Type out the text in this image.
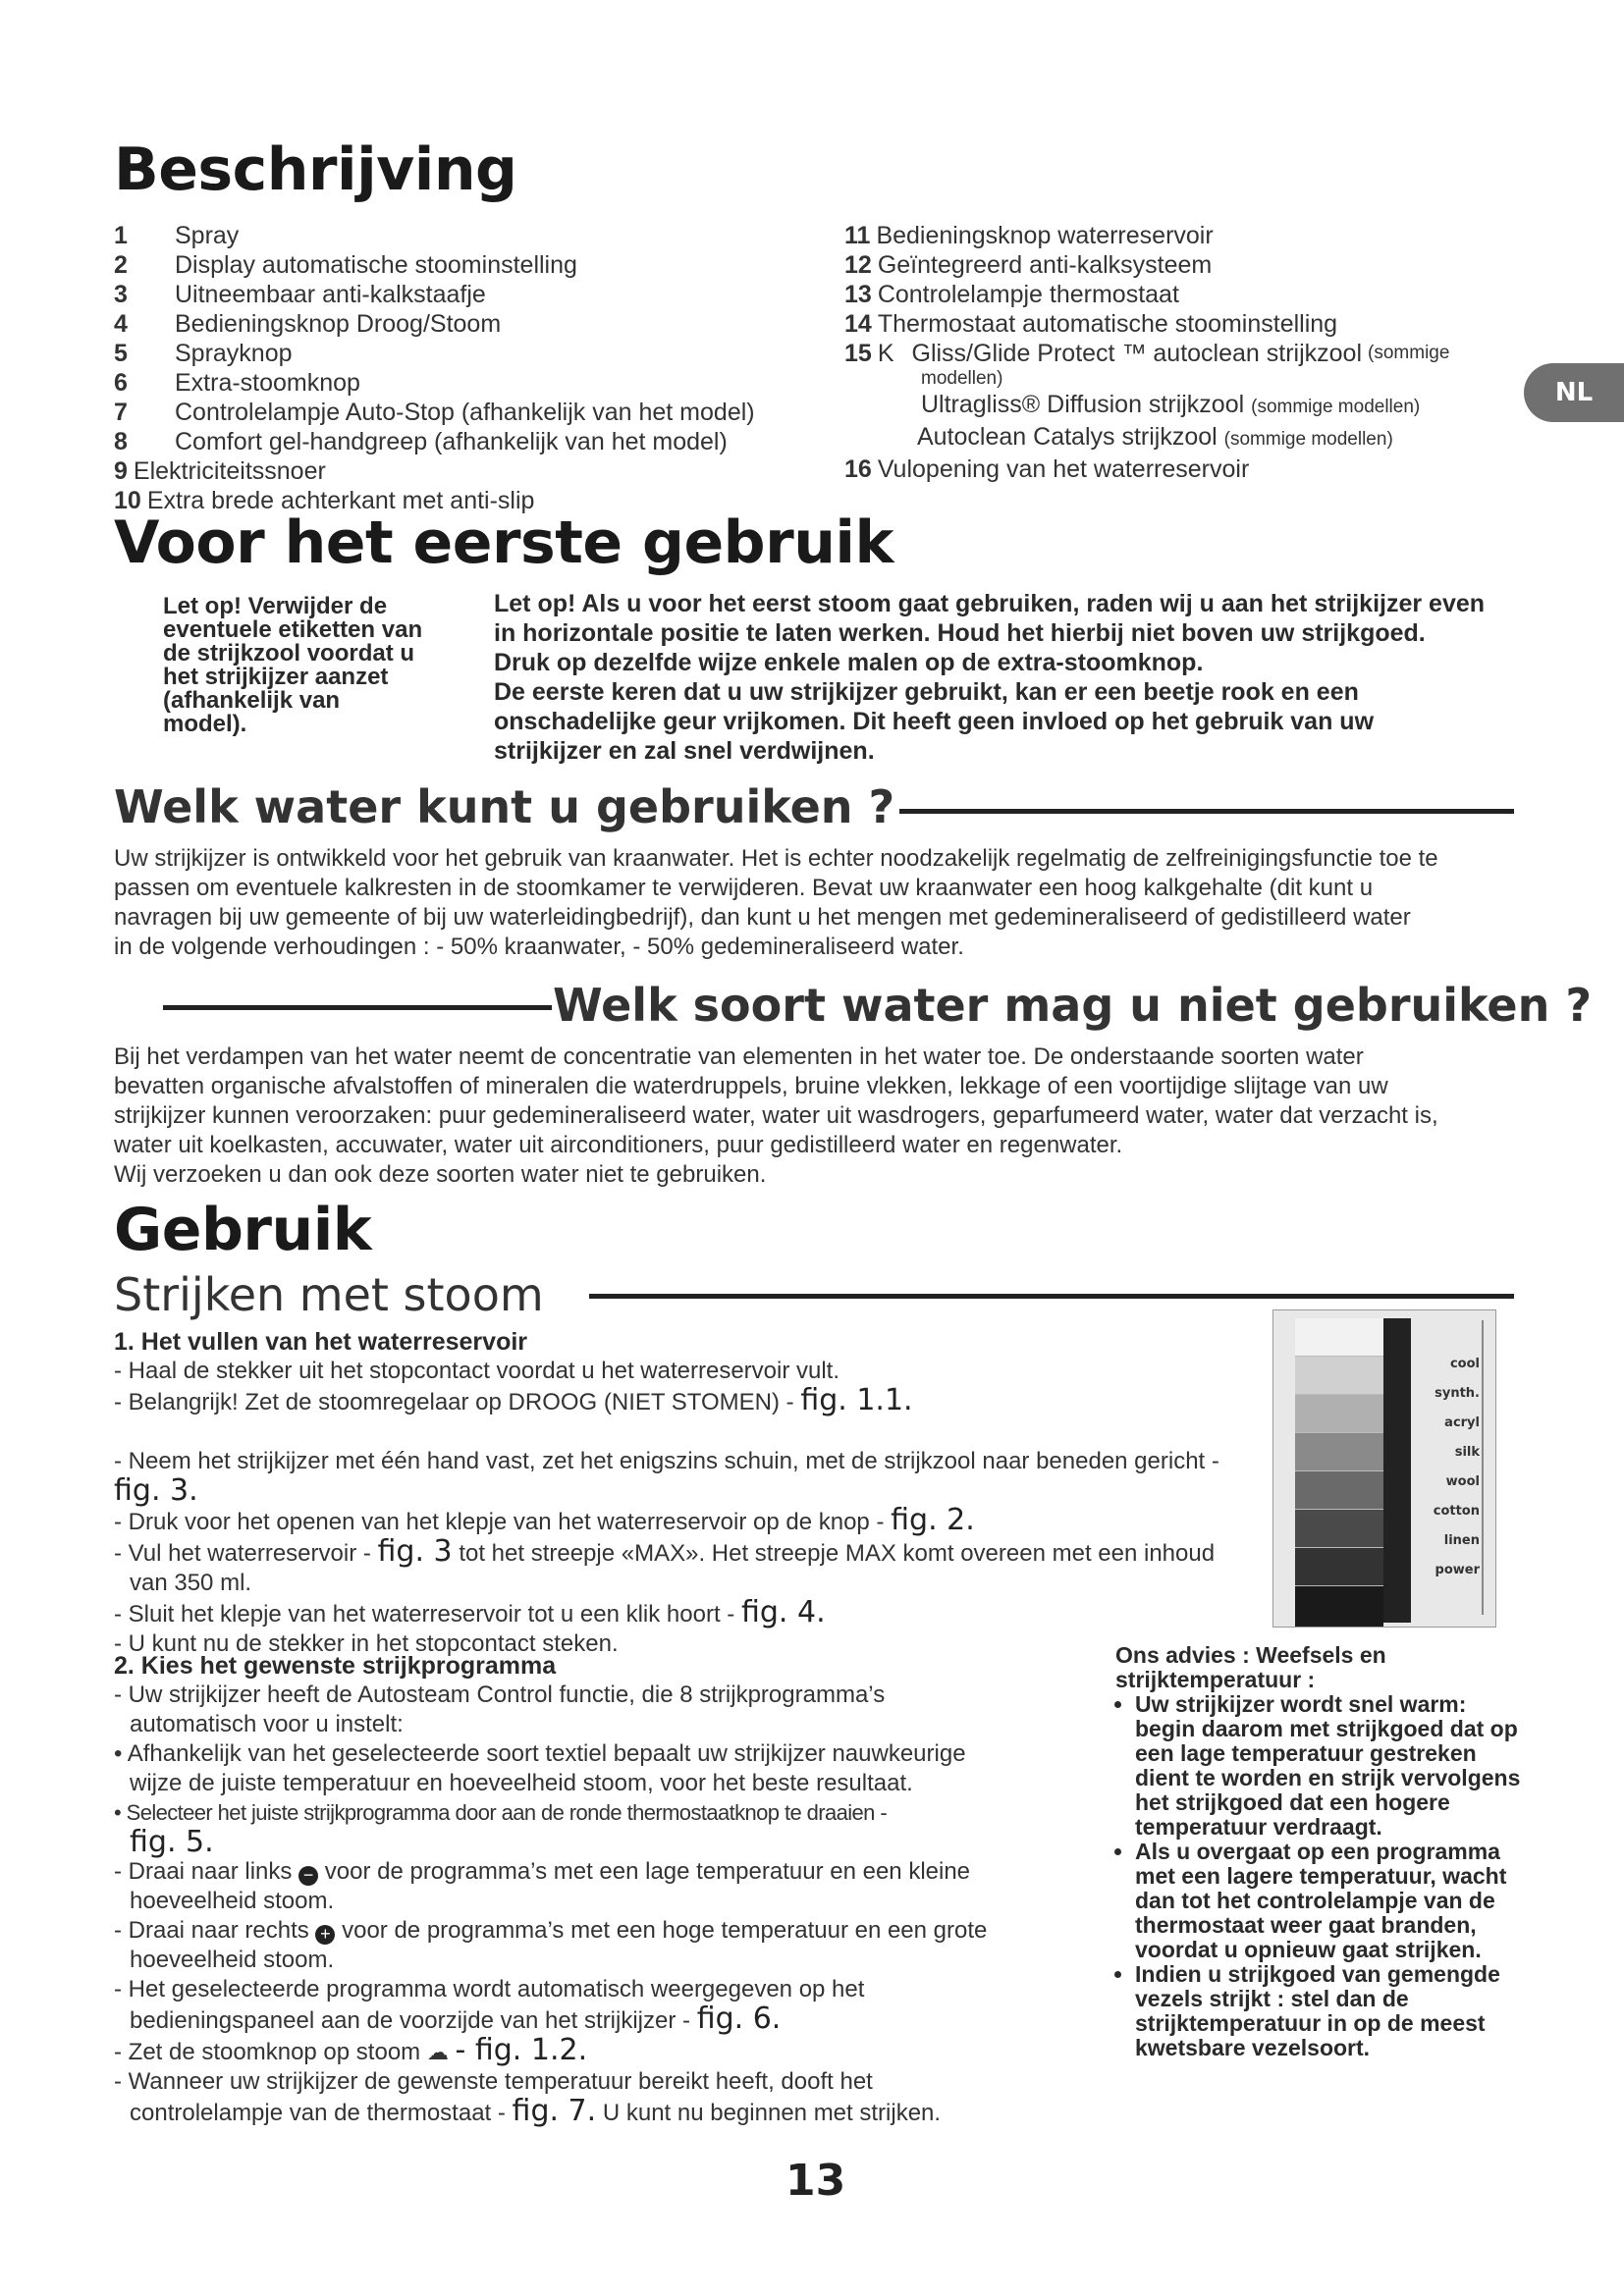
Beschrijving
1	Spray
2	Display automatische stoominstelling
3	Uitneembaar anti-kalkstaafje
4	Bedieningsknop Droog/Stoom
5	Sprayknop
6	Extra-stoomknop
7	Controlelampje Auto-Stop (afhankelijk van het model)
8	Comfort gel-handgreep (afhankelijk van het model)
9 Elektriciteitssnoer
10 Extra brede achterkant met anti-slip
11 Bedieningsknop waterreservoir
12 Geïntegreerd anti-kalksysteem
13 Controlelampje thermostaat
14 Thermostaat automatische stoominstelling
15 K Gliss/Glide Protect ™ autoclean strijkzool (sommige
modellen)
Ultragliss® Diffusion strijkzool (sommige modellen)
Autoclean Catalys strijkzool (sommige modellen)
16 Vulopening van het waterreservoir
NL
Voor het eerste gebruik
Let op! Verwijder de
eventuele etiketten van
de strijkzool voordat u
het strijkijzer aanzet
(afhankelijk van
model).
Let op! Als u voor het eerst stoom gaat gebruiken, raden wij u aan het strijkijzer even
in horizontale positie te laten werken. Houd het hierbij niet boven uw strijkgoed.
Druk op dezelfde wijze enkele malen op de extra-stoomknop.
De eerste keren dat u uw strijkijzer gebruikt, kan er een beetje rook en een
onschadelijke geur vrijkomen. Dit heeft geen invloed op het gebruik van uw
strijkijzer en zal snel verdwijnen.
Welk water kunt u gebruiken ?
Uw strijkijzer is ontwikkeld voor het gebruik van kraanwater. Het is echter noodzakelijk regelmatig de zelfreinigingsfunctie toe te
passen om eventuele kalkresten in de stoomkamer te verwijderen. Bevat uw kraanwater een hoog kalkgehalte (dit kunt u
navragen bij uw gemeente of bij uw waterleidingbedrijf), dan kunt u het mengen met gedemineraliseerd of gedistilleerd water
in de volgende verhoudingen : - 50% kraanwater, - 50% gedemineraliseerd water.
Welk soort water mag u niet gebruiken ?
Bij het verdampen van het water neemt de concentratie van elementen in het water toe. De onderstaande soorten water
bevatten organische afvalstoffen of mineralen die waterdruppels, bruine vlekken, lekkage of een voortijdige slijtage van uw
strijkijzer kunnen veroorzaken: puur gedemineraliseerd water, water uit wasdrogers, geparfumeerd water, water dat verzacht is,
water uit koelkasten, accuwater, water uit airconditioners, puur gedistilleerd water en regenwater.
Wij verzoeken u dan ook deze soorten water niet te gebruiken.
Gebruik
Strijken met stoom
1. Het vullen van het waterreservoir
- Haal de stekker uit het stopcontact voordat u het waterreservoir vult.
- Belangrijk! Zet de stoomregelaar op DROOG (NIET STOMEN) - fig. 1.1.
- Neem het strijkijzer met één hand vast, zet het enigszins schuin, met de strijkzool naar beneden gericht -
fig. 3.
- Druk voor het openen van het klepje van het waterreservoir op de knop - fig. 2.
- Vul het waterreservoir - fig. 3 tot het streepje «MAX». Het streepje MAX komt overeen met een inhoud
van 350 ml.
- Sluit het klepje van het waterreservoir tot u een klik hoort - fig. 4.
- U kunt nu de stekker in het stopcontact steken.
2. Kies het gewenste strijkprogramma
- Uw strijkijzer heeft de Autosteam Control functie, die 8 strijkprogramma’s
automatisch voor u instelt:
• Afhankelijk van het geselecteerde soort textiel bepaalt uw strijkijzer nauwkeurige
wijze de juiste temperatuur en hoeveelheid stoom, voor het beste resultaat.
• Selecteer het juiste strijkprogramma door aan de ronde thermostaatknop te draaien -
fig. 5.
- Draai naar links − voor de programma’s met een lage temperatuur en een kleine
hoeveelheid stoom.
- Draai naar rechts + voor de programma’s met een hoge temperatuur en een grote
hoeveelheid stoom.
- Het geselecteerde programma wordt automatisch weergegeven op het
bedieningspaneel aan de voorzijde van het strijkijzer - fig. 6.
- Zet de stoomknop op stoom ☁ - fig. 1.2.
- Wanneer uw strijkijzer de gewenste temperatuur bereikt heeft, dooft het
controlelampje van de thermostaat - fig. 7. U kunt nu beginnen met strijken.
cool
synth.
acryl
silk
wool
cotton
linen
power
Ons advies : Weefsels en
strijktemperatuur :
• Uw strijkijzer wordt snel warm: begin daarom met strijkgoed dat op een lage temperatuur gestreken dient te worden en strijk vervolgens het strijkgoed dat een hogere temperatuur verdraagt.
• Als u overgaat op een programma met een lagere temperatuur, wacht dan tot het controlelampje van de thermostaat weer gaat branden, voordat u opnieuw gaat strijken.
• Indien u strijkgoed van gemengde vezels strijkt : stel dan de strijktemperatuur in op de meest kwetsbare vezelsoort.
13
